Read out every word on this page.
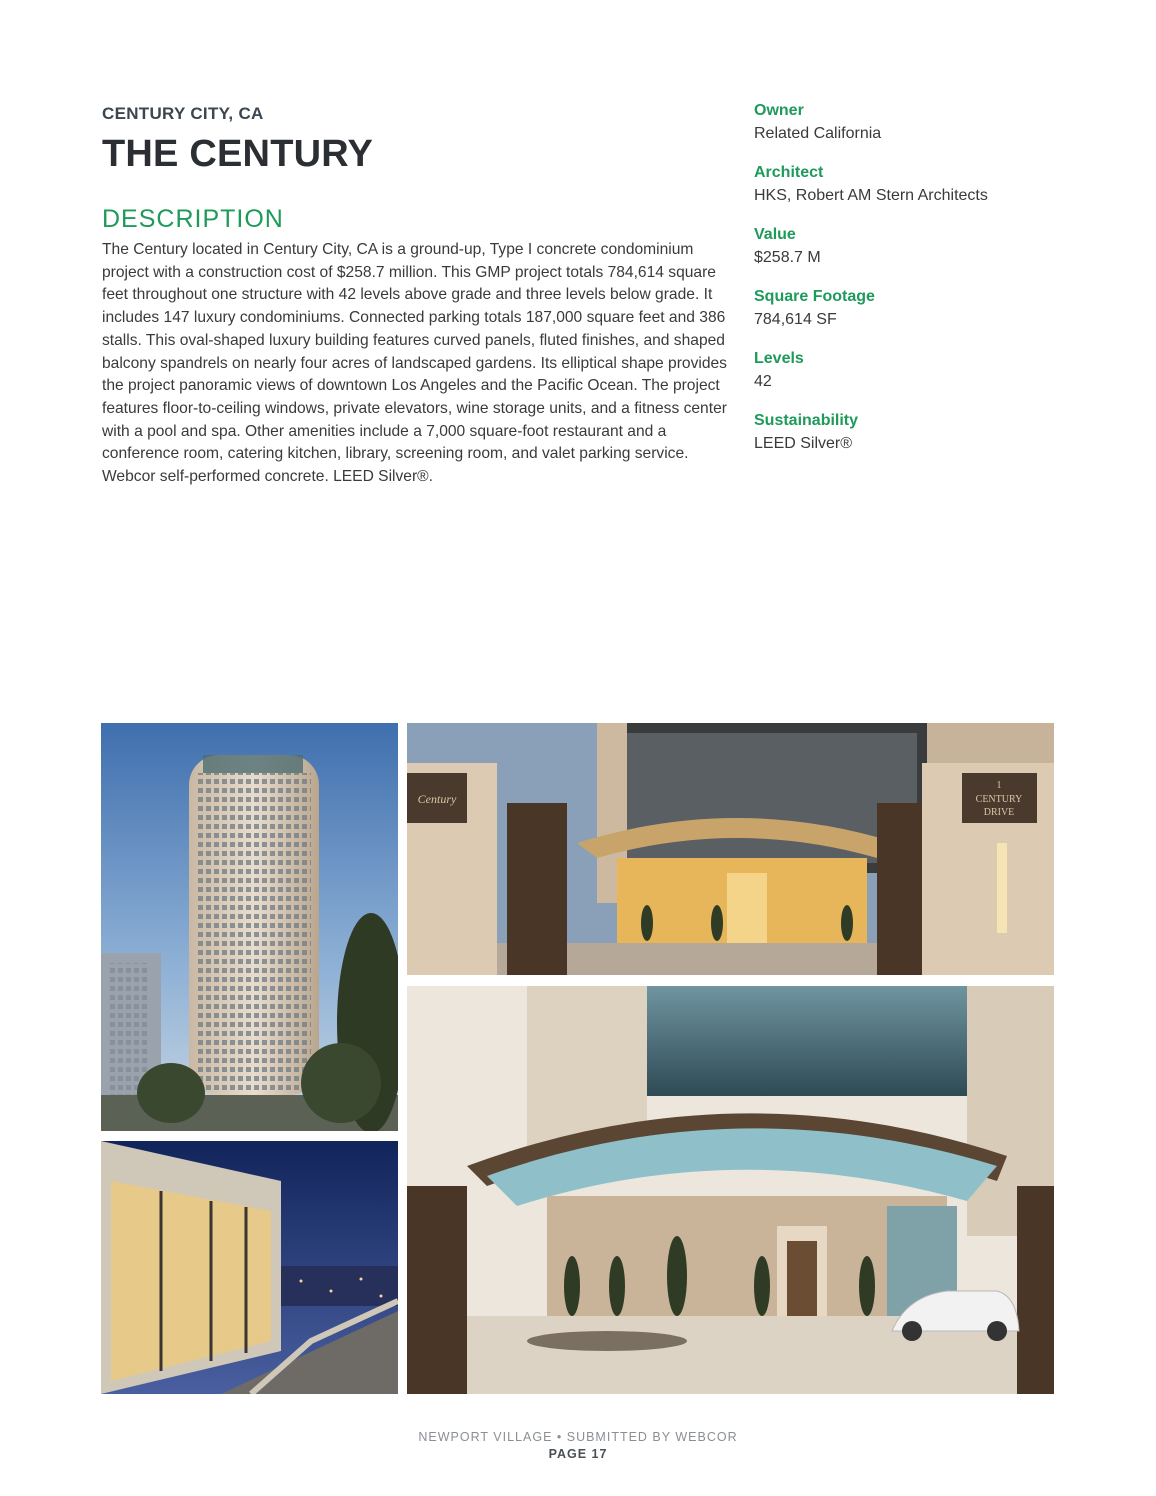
CENTURY CITY, CA
THE CENTURY
DESCRIPTION

The Century located in Century City, CA is a ground-up, Type I concrete condominium project with a construction cost of $258.7 million. This GMP project totals 784,614 square feet throughout one structure with 42 levels above grade and three levels below grade. It includes 147 luxury condominiums. Connected parking totals 187,000 square feet and 386 stalls. This oval-shaped luxury building features curved panels, fluted finishes, and shaped balcony spandrels on nearly four acres of landscaped gardens. Its elliptical shape provides the project panoramic views of downtown Los Angeles and the Pacific Ocean. The project features floor-to-ceiling windows, private elevators, wine storage units, and a fitness center with a pool and spa. Other amenities include a 7,000 square-foot restaurant and a conference room, catering kitchen, library, screening room, and valet parking service. Webcor self-performed concrete. LEED Silver®.

Owner
Related California
Architect
HKS, Robert AM Stern Architects
Value
$258.7 M
Square Footage
784,614 SF
Levels
42
Sustainability
LEED Silver®
Century
1
CENTURY
DRIVE
NEWPORT VILLAGE • SUBMITTED BY WEBCOR
PAGE 17
